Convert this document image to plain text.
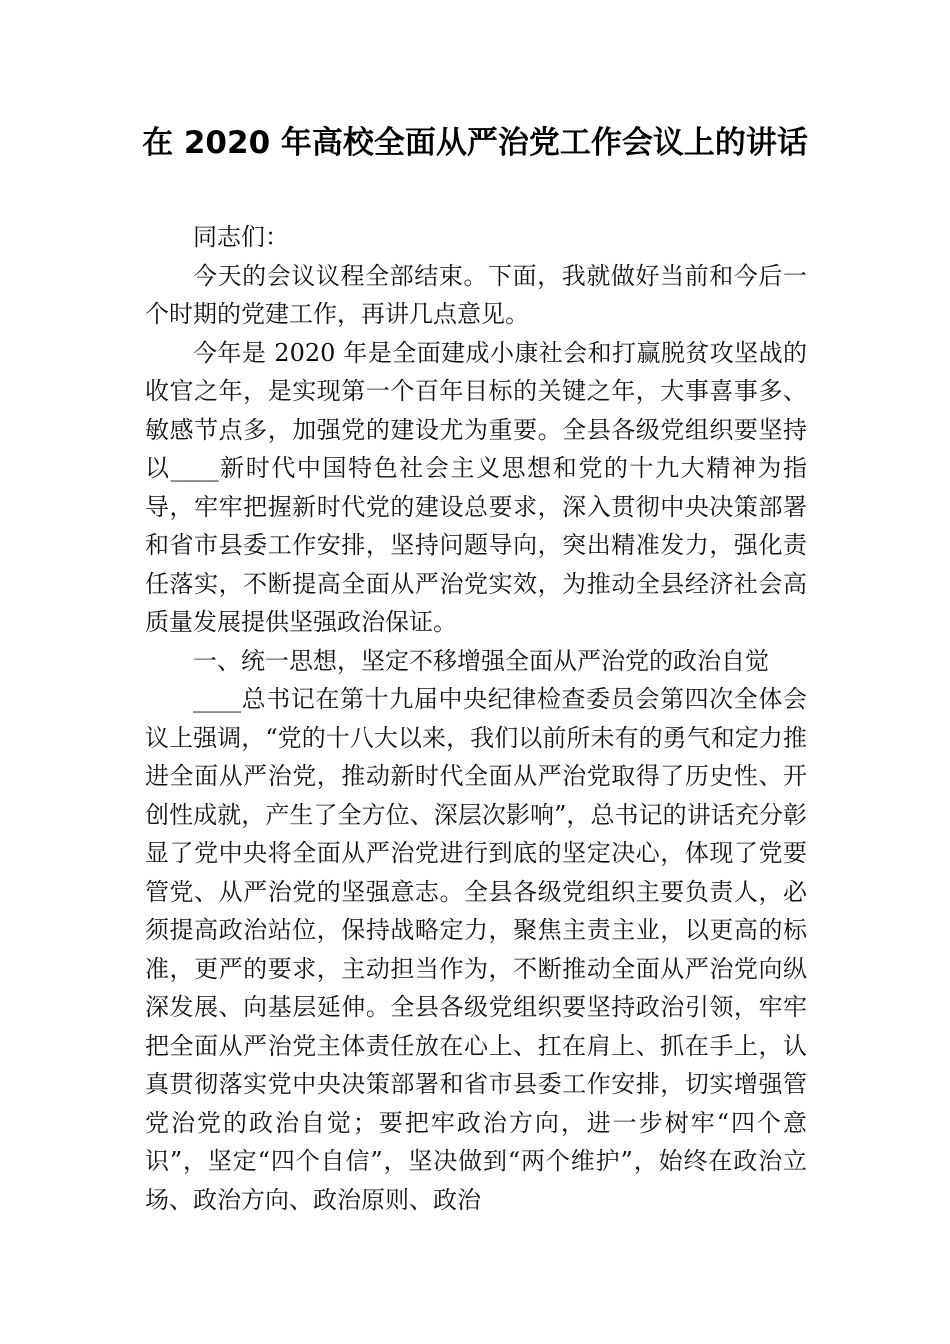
在 2020 年高校全面从严治党工作会议上的讲话

同志们：

今天的会议议程全部结束。下面，我就做好当前和今后一个时期的党建工作，再讲几点意见。

今年是 2020 年是全面建成小康社会和打赢脱贫攻坚战的收官之年，是实现第一个百年目标的关键之年，大事喜事多、敏感节点多，加强党的建设尤为重要。全县各级党组织要坚持以____新时代中国特色社会主义思想和党的十九大精神为指导，牢牢把握新时代党的建设总要求，深入贯彻中央决策部署和省市县委工作安排，坚持问题导向，突出精准发力，强化责任落实，不断提高全面从严治党实效，为推动全县经济社会高质量发展提供坚强政治保证。

一、统一思想，坚定不移增强全面从严治党的政治自觉

____总书记在第十九届中央纪律检查委员会第四次全体会议上强调，“党的十八大以来，我们以前所未有的勇气和定力推进全面从严治党，推动新时代全面从严治党取得了历史性、开创性成就，产生了全方位、深层次影响”，总书记的讲话充分彰显了党中央将全面从严治党进行到底的坚定决心，体现了党要管党、从严治党的坚强意志。全县各级党组织主要负责人，必须提高政治站位，保持战略定力，聚焦主责主业，以更高的标准，更严的要求，主动担当作为，不断推动全面从严治党向纵深发展、向基层延伸。全县各级党组织要坚持政治引领，牢牢把全面从严治党主体责任放在心上、扛在肩上、抓在手上，认真贯彻落实党中央决策部署和省市县委工作安排，切实增强管党治党的政治自觉；要把牢政治方向，进一步树牢“四个意识”，坚定“四个自信”，坚决做到“两个维护”，始终在政治立场、政治方向、政治原则、政治
